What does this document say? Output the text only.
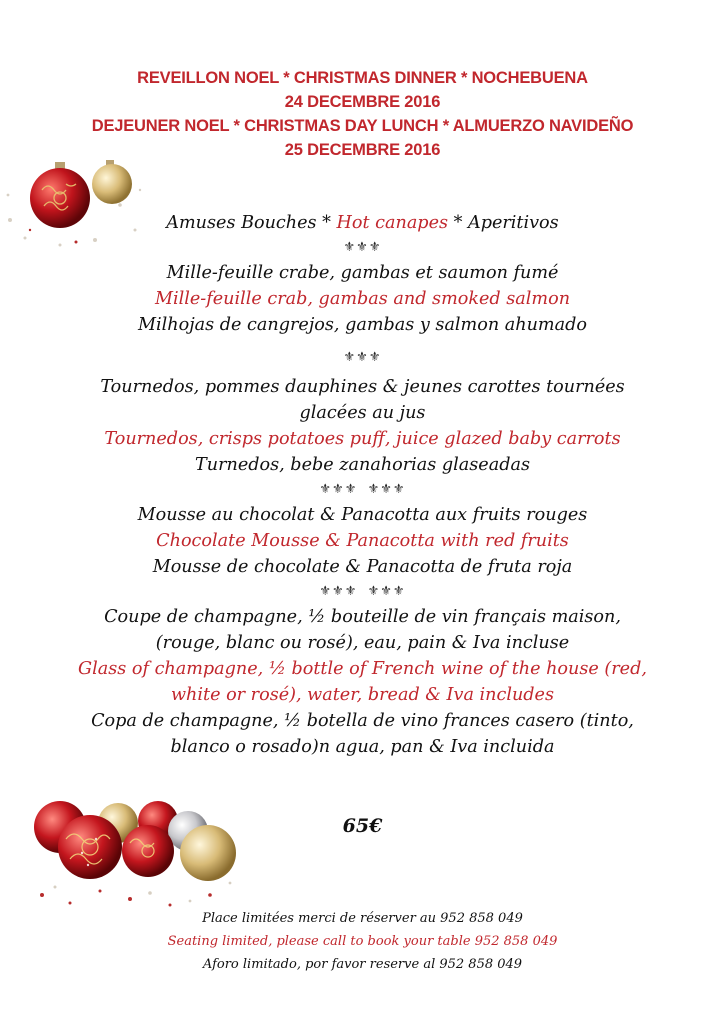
REVEILLON NOEL * CHRISTMAS DINNER * NOCHEBUENA
24 DECEMBRE 2016
DEJEUNER NOEL * CHRISTMAS DAY LUNCH * ALMUERZO NAVIDEÑO
25 DECEMBRE 2016
Amuses Bouches * Hot canapes * Aperitivos
⚜⚜⚜
Mille-feuille crabe, gambas et saumon fumé
Mille-feuille crab, gambas and smoked salmon
Milhojas de cangrejos, gambas y salmon ahumado
⚜⚜⚜
Tournedos, pommes dauphines & jeunes carottes tournées
glacées au jus
Tournedos, crisps potatoes puff, juice glazed baby carrots
Turnedos, bebe zanahorias glaseadas
⚜⚜⚜ ⚜⚜⚜
Mousse au chocolat & Panacotta aux fruits rouges
Chocolate Mousse & Panacotta with red fruits
Mousse de chocolate & Panacotta de fruta roja
⚜⚜⚜ ⚜⚜⚜
Coupe de champagne, ½ bouteille de vin français maison,
(rouge, blanc ou rosé), eau, pain & Iva incluse
Glass of champagne, ½ bottle of French wine of the house (red,
white or rosé), water, bread & Iva includes
Copa de champagne, ½ botella de vino frances casero (tinto,
blanco o rosado)n agua, pan & Iva incluida
65€
Place limitées merci de réserver au 952 858 049
Seating limited, please call to book your table 952 858 049
Aforo limitado, por favor reserve al 952 858 049
